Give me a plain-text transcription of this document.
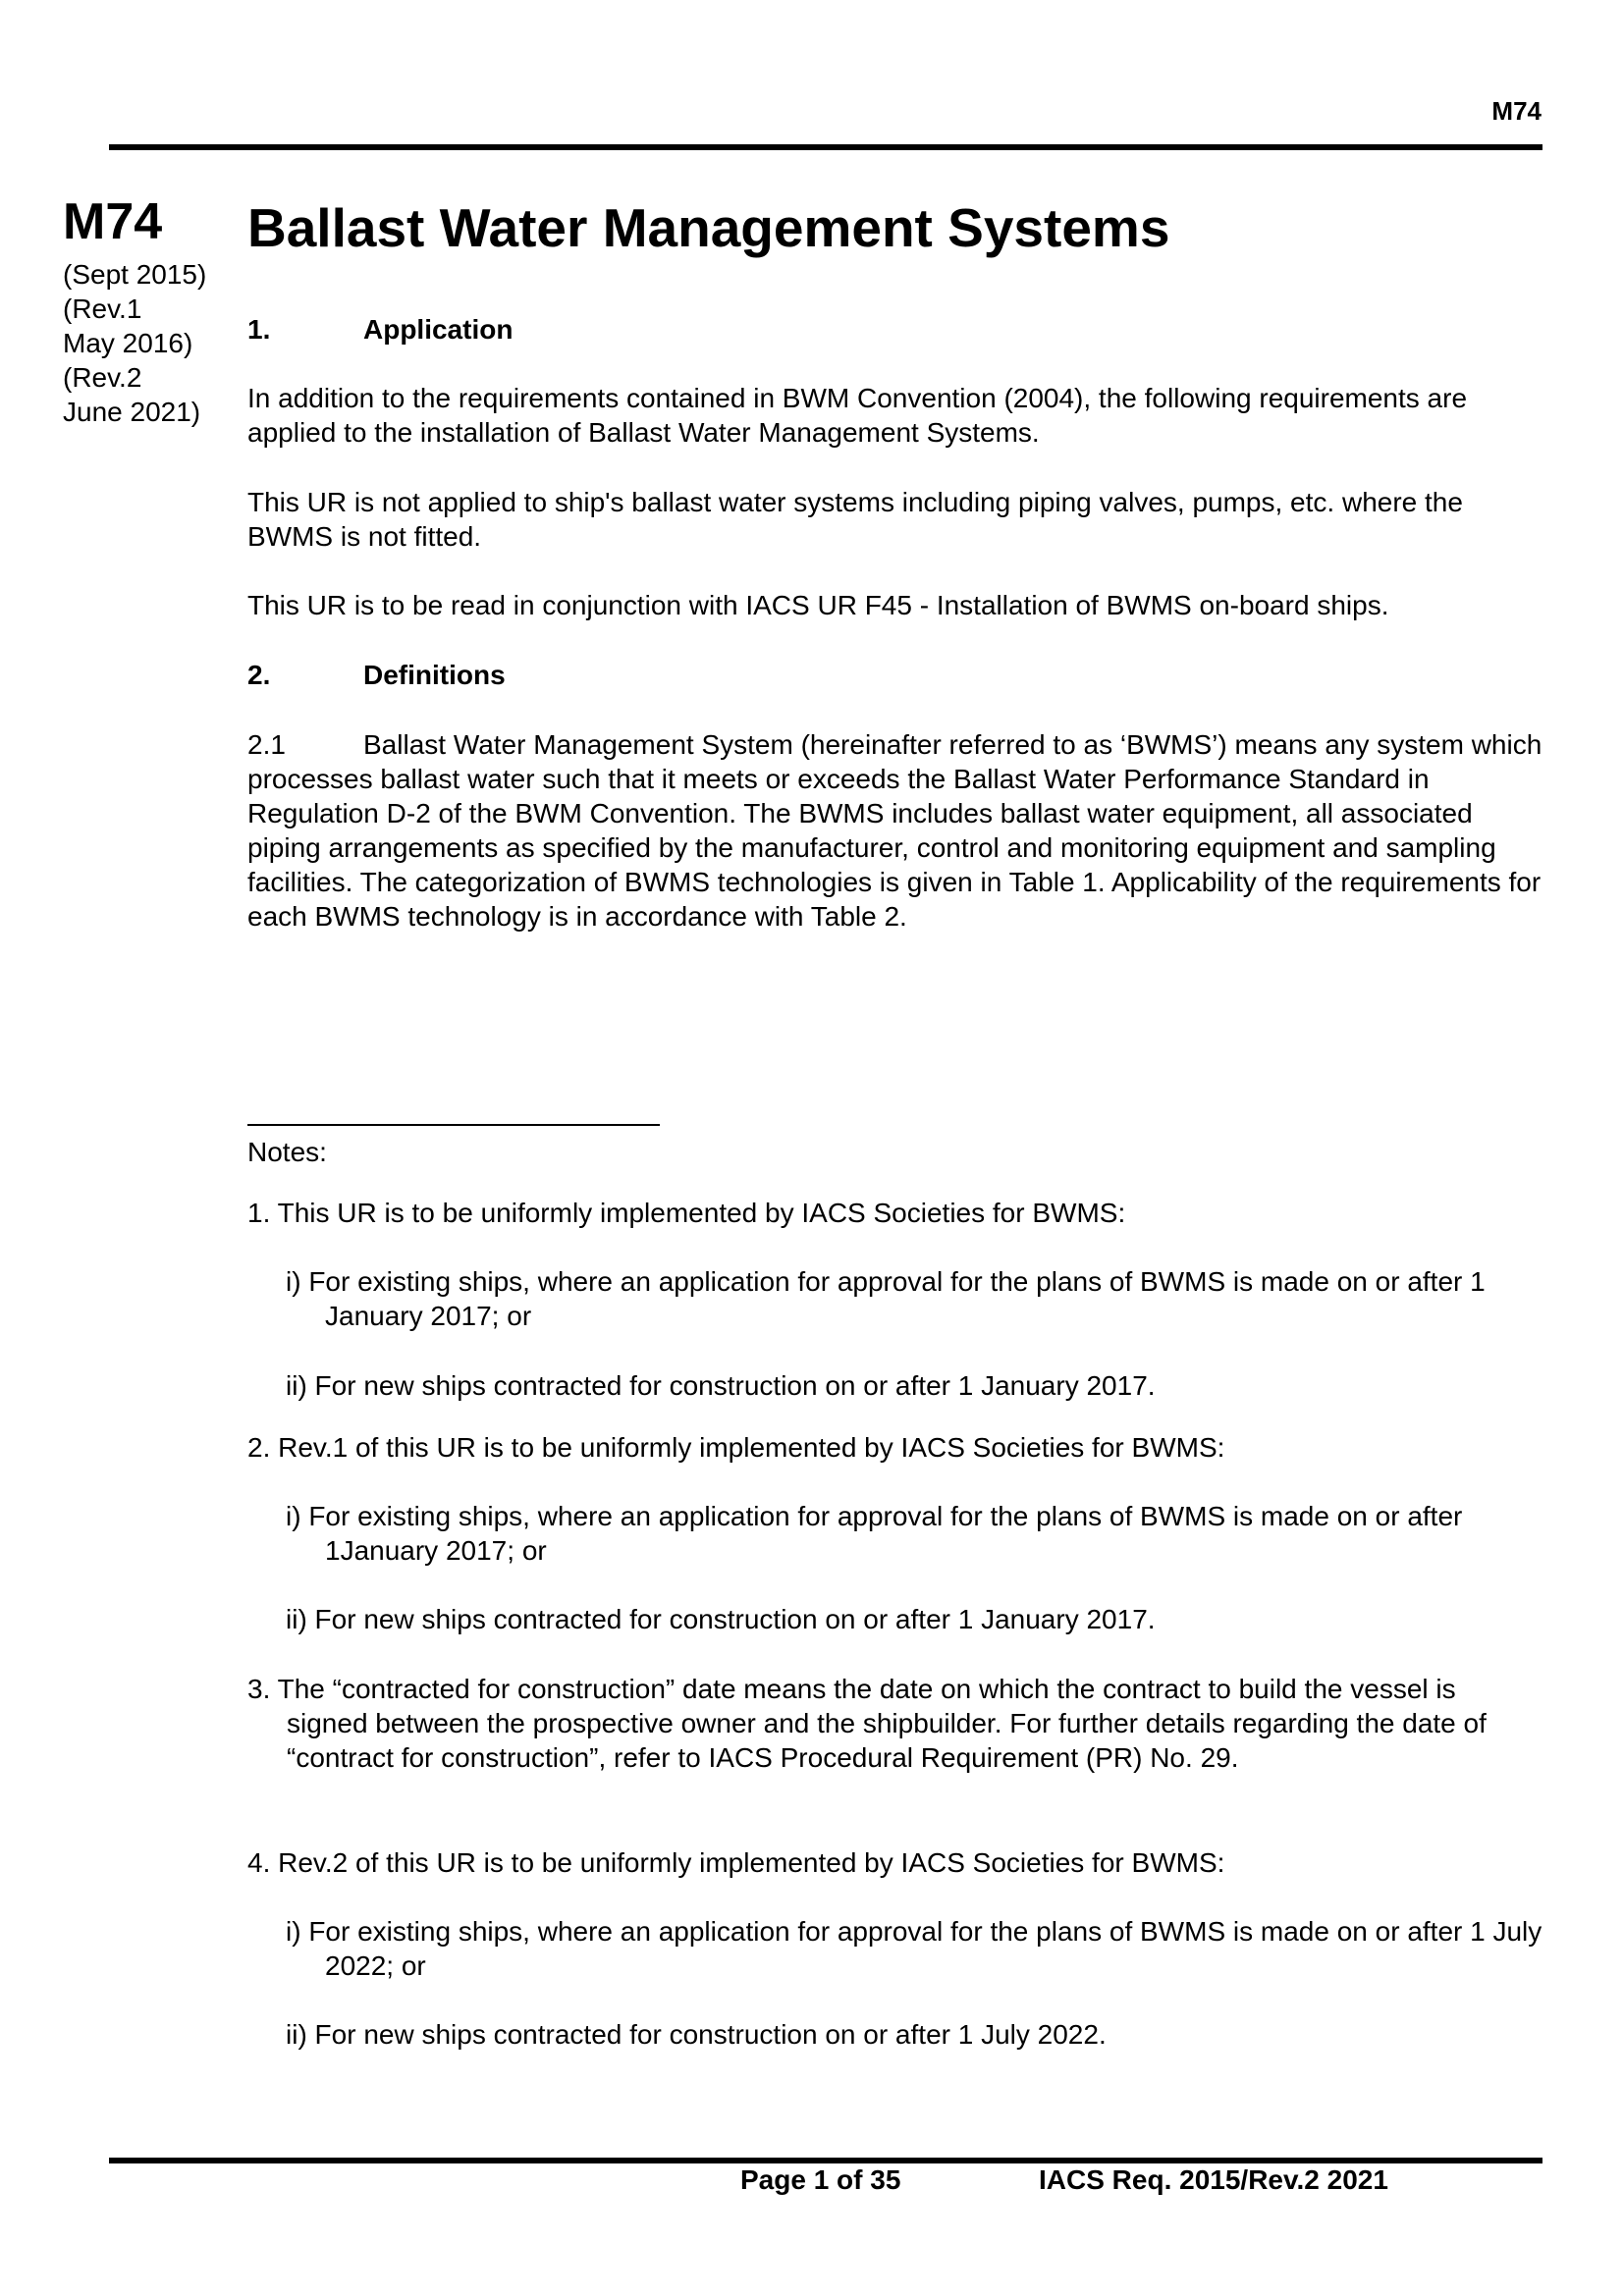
M74
M74
(Sept 2015)
(Rev.1
May 2016)
(Rev.2
June 2021)
Ballast Water Management Systems
1.	Application
In addition to the requirements contained in BWM Convention (2004), the following requirements are applied to the installation of Ballast Water Management Systems.
This UR is not applied to ship's ballast water systems including piping valves, pumps, etc. where the BWMS is not fitted.
This UR is to be read in conjunction with IACS UR F45 - Installation of BWMS on-board ships.
2.	Definitions
2.1	Ballast Water Management System (hereinafter referred to as ‘BWMS’) means any system which processes ballast water such that it meets or exceeds the Ballast Water Performance Standard in Regulation D-2 of the BWM Convention. The BWMS includes ballast water equipment, all associated piping arrangements as specified by the manufacturer, control and monitoring equipment and sampling facilities. The categorization of BWMS technologies is given in Table 1. Applicability of the requirements for each BWMS technology is in accordance with Table 2.
Notes:
1. This UR is to be uniformly implemented by IACS Societies for BWMS:
i) For existing ships, where an application for approval for the plans of BWMS is made on or after 1 January 2017; or
ii) For new ships contracted for construction on or after 1 January 2017.
2. Rev.1 of this UR is to be uniformly implemented by IACS Societies for BWMS:
i) For existing ships, where an application for approval for the plans of BWMS is made on or after 1January 2017; or
ii) For new ships contracted for construction on or after 1 January 2017.
3. The “contracted for construction” date means the date on which the contract to build the vessel is signed between the prospective owner and the shipbuilder. For further details regarding the date of “contract for construction”, refer to IACS Procedural Requirement (PR) No. 29.
4. Rev.2 of this UR is to be uniformly implemented by IACS Societies for BWMS:
i) For existing ships, where an application for approval for the plans of BWMS is made on or after 1 July 2022; or
ii) For new ships contracted for construction on or after 1 July 2022.
Page 1 of 35	IACS Req. 2015/Rev.2 2021
